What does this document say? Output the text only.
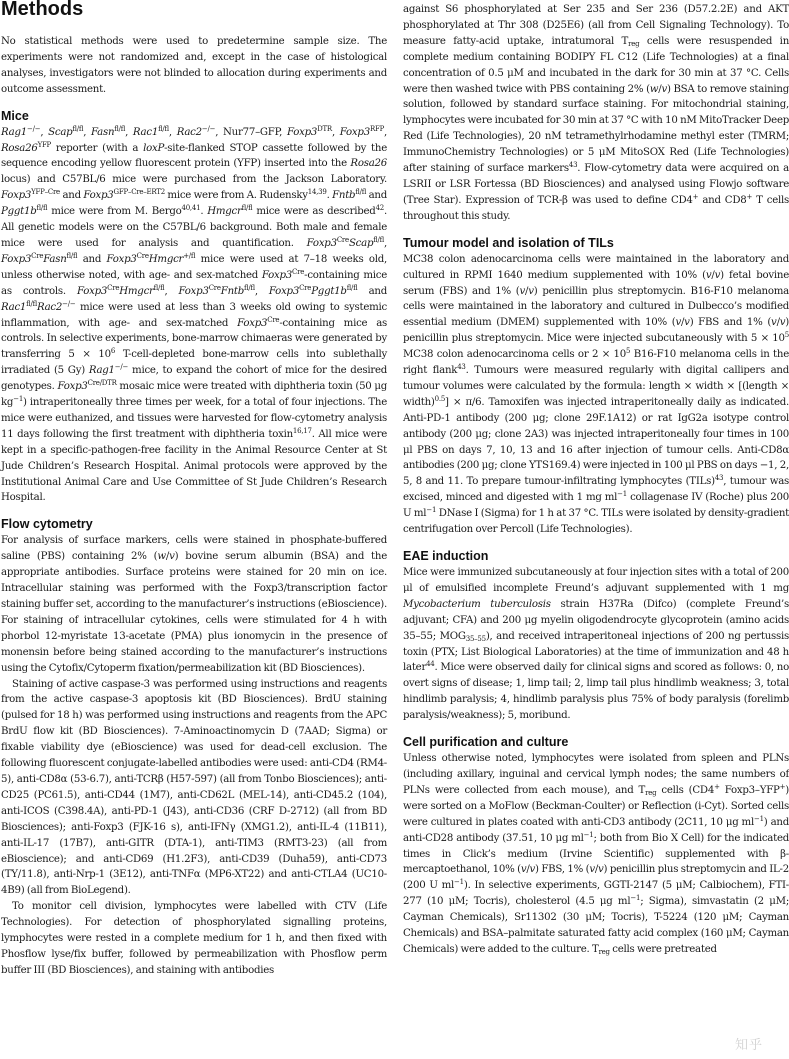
Methods

No statistical methods were used to predetermine sample size. The experiments were not randomized and, except in the case of histological analyses, investigators were not blinded to allocation during experiments and outcome assessment.

Mice

Rag1−/−, Scap$^{fl/fl}$, Fasn$^{fl/fl}$, $Rac1^{fl/fl}$, Rac2−/−, Nur77–GFP, $Foxp3^{DTR}$, $Foxp3^{RFP}$, $Rosa26^{YFP}$ reporter (with a loxP-site-flanked STOP cassette followed by the sequence encoding yellow fluorescent protein (YFP) inserted into the Rosa26 locus) and C57BL/6 mice were purchased from the Jackson Laboratory. $Foxp3^{YFP-Cre}$ and $Foxp3^{GFP-Cre-ERT2}$ mice were from A. Rudensky$^{14,39}$. Fntb$^{fl/fl}$ and $Pggt1b^{fl/fl}$ mice were from M. Bergo$^{40,41}$. Hmgcr$^{fl/fl}$ mice were as described$^{42}$. All genetic models were on the C57BL/6 background. Both male and female mice were used for analysis and quantification. $Foxp3^{Cre}Scap^{fl/fl}$, $Foxp3^{Cre}Fasn^{fl/fl}$ and $Foxp3^{Cre}Hmgcr^{+/fl}$ mice were used at 7–18 weeks old, unless otherwise noted, with age- and sex-matched $Foxp3^{Cre}$-containing mice as controls. $Foxp3^{Cre}Hmgcr^{fl/fl}$, $Foxp3^{Cre}Fntb^{fl/fl}$, $Foxp3^{Cre}Pggt1b^{fl/fl}$ and $Rac1^{fl/fl}Rac2^{-/-}$ mice were used at less than 3 weeks old owing to systemic inflammation, with age- and sex-matched $Foxp3^{Cre}$-containing mice as controls. In selective experiments, bone-marrow chimaeras were generated by transferring $5 \times 10^6$ T-cell-depleted bone-marrow cells into sublethally irradiated (5 Gy) Rag1−/− mice, to expand the cohort of mice for the desired genotypes. $Foxp3^{Cre/DTR}$ mosaic mice were treated with diphtheria toxin (50 μg $kg^{-1}$) intraperitoneally three times per week, for a total of four injections. The mice were euthanized, and tissues were harvested for flow-cytometry analysis 11 days following the first treatment with diphtheria toxin$^{16,17}$. All mice were kept in a specific-pathogen-free facility in the Animal Resource Center at St Jude Children’s Research Hospital. Animal protocols were approved by the Institutional Animal Care and Use Committee of St Jude Children’s Research Hospital.

Flow cytometry

For analysis of surface markers, cells were stained in phosphate-buffered saline (PBS) containing 2% (w/v) bovine serum albumin (BSA) and the appropriate antibodies. Surface proteins were stained for 20 min on ice. Intracellular staining was performed with the Foxp3/transcription factor staining buffer set, according to the manufacturer’s instructions (eBioscience). For staining of intracellular cytokines, cells were stimulated for 4 h with phorbol 12-myristate 13-acetate (PMA) plus ionomycin in the presence of monensin before being stained according to the manufacturer’s instructions using the Cytofix/Cytoperm fixation/permeabilization kit (BD Biosciences).

Staining of active caspase-3 was performed using instructions and reagents from the active caspase-3 apoptosis kit (BD Biosciences). BrdU staining (pulsed for 18 h) was performed using instructions and reagents from the APC BrdU flow kit (BD Biosciences). 7-Aminoactinomycin D (7AAD; Sigma) or fixable viability dye (eBioscience) was used for dead-cell exclusion. The following fluorescent conjugate-labelled antibodies were used: anti-CD4 (RM4-5), anti-CD8α (53-6.7), anti-TCRβ (H57-597) (all from Tonbo Biosciences); anti-CD25 (PC61.5), anti-CD44 (1M7), anti-CD62L (MEL-14), anti-CD45.2 (104), anti-ICOS (C398.4A), anti-PD-1 (J43), anti-CD36 (CRF D-2712) (all from BD Biosciences); anti-Foxp3 (FJK-16 s), anti-IFNγ (XMG1.2), anti-IL-4 (11B11), anti-IL-17 (17B7), anti-GITR (DTA-1), anti-TIM3 (RMT3-23) (all from eBioscience); and anti-CD69 (H1.2F3), anti-CD39 (Duha59), anti-CD73 (TY/11.8), anti-Nrp-1 (3E12), anti-TNFα (MP6-XT22) and anti-CTLA4 (UC10-4B9) (all from BioLegend).

To monitor cell division, lymphocytes were labelled with CTV (Life Technologies). For detection of phosphorylated signalling proteins, lymphocytes were rested in a complete medium for 1 h, and then fixed with Phosflow lyse/fix buffer, followed by permeabilization with Phosflow perm buffer III (BD Biosciences), and staining with antibodies

against S6 phosphorylated at Ser 235 and Ser 236 (D57.2.2E) and AKT phosphorylated at Thr 308 (D25E6) (all from Cell Signaling Technology). To measure fatty-acid uptake, intratumoral $T_{reg}$ cells were resuspended in complete medium containing BODIPY FL C12 (Life Technologies) at a final concentration of 0.5 μM and incubated in the dark for 30 min at 37 °C. Cells were then washed twice with PBS containing 2% (w/v) BSA to remove staining solution, followed by standard surface staining. For mitochondrial staining, lymphocytes were incubated for 30 min at 37 °C with 10 nM MitoTracker Deep Red (Life Technologies), 20 nM tetramethylrhodamine methyl ester (TMRM; ImmunoChemistry Technologies) or 5 μM MitoSOX Red (Life Technologies) after staining of surface markers$^{43}$. Flow-cytometry data were acquired on a LSRII or LSR Fortessa (BD Biosciences) and analysed using Flowjo software (Tree Star). Expression of TCR-β was used to define CD4+ and CD8+ T cells throughout this study.

Tumour model and isolation of TILs

MC38 colon adenocarcinoma cells were maintained in the laboratory and cultured in RPMI 1640 medium supplemented with 10% (v/v) fetal bovine serum (FBS) and 1% (v/v) penicillin plus streptomycin. B16-F10 melanoma cells were maintained in the laboratory and cultured in Dulbecco’s modified essential medium (DMEM) supplemented with 10% (v/v) FBS and 1% (v/v) penicillin plus streptomycin. Mice were injected subcutaneously with $5 \times 10^5$ MC38 colon adenocarcinoma cells or $2 \times 10^5$ B16-F10 melanoma cells in the right flank$^{43}$. Tumours were measured regularly with digital callipers and tumour volumes were calculated by the formula: length × width × [(length × width)$^{0.5}$] × π/6. Tamoxifen was injected intraperitoneally daily as indicated. Anti-PD-1 antibody (200 μg; clone 29F.1A12) or rat IgG2a isotype control antibody (200 μg; clone 2A3) was injected intraperitoneally four times in 100 μl PBS on days 7, 10, 13 and 16 after injection of tumour cells. Anti-CD8α antibodies (200 μg; clone YTS169.4) were injected in 100 μl PBS on days −1, 2, 5, 8 and 11. To prepare tumour-infiltrating lymphocytes (TILs)$^{43}$, tumour was excised, minced and digested with 1 mg $ml^{-1}$ collagenase IV (Roche) plus 200 U $ml^{-1}$ DNase I (Sigma) for 1 h at 37 °C. TILs were isolated by density-gradient centrifugation over Percoll (Life Technologies).

EAE induction

Mice were immunized subcutaneously at four injection sites with a total of 200 μl of emulsified incomplete Freund’s adjuvant supplemented with 1 mg Mycobacterium tuberculosis strain H37Ra (Difco) (complete Freund’s adjuvant; CFA) and 200 μg myelin oligodendrocyte glycoprotein (amino acids 35–55; $MOG_{35-55}$), and received intraperitoneal injections of 200 ng pertussis toxin (PTX; List Biological Laboratories) at the time of immunization and 48 h later$^{44}$. Mice were observed daily for clinical signs and scored as follows: 0, no overt signs of disease; 1, limp tail; 2, limp tail plus hindlimb weakness; 3, total hindlimb paralysis; 4, hindlimb paralysis plus 75% of body paralysis (forelimb paralysis/weakness); 5, moribund.

Cell purification and culture

Unless otherwise noted, lymphocytes were isolated from spleen and PLNs (including axillary, inguinal and cervical lymph nodes; the same numbers of PLNs were collected from each mouse), and $T_{reg}$ cells (CD4+ Foxp3–YFP+) were sorted on a MoFlow (Beckman-Coulter) or Reflection (i-Cyt). Sorted cells were cultured in plates coated with anti-CD3 antibody (2C11, 10 μg $ml^{-1}$) and anti-CD28 antibody (37.51, 10 μg $ml^{-1}$; both from Bio X Cell) for the indicated times in Click’s medium (Irvine Scientific) supplemented with β-mercaptoethanol, 10% (v/v) FBS, 1% (v/v) penicillin plus streptomycin and IL-2 (200 U $ml^{-1}$). In selective experiments, GGTI-2147 (5 μM; Calbiochem), FTI-277 (10 μM; Tocris), cholesterol (4.5 μg $ml^{-1}$; Sigma), simvastatin (2 μM; Cayman Chemicals), Sr11302 (30 μM; Tocris), T-5224 (120 μM; Cayman Chemicals) and BSA–palmitate saturated fatty acid complex (160 μM; Cayman Chemicals) were added to the culture. $T_{reg}$ cells were pretreated

知乎
